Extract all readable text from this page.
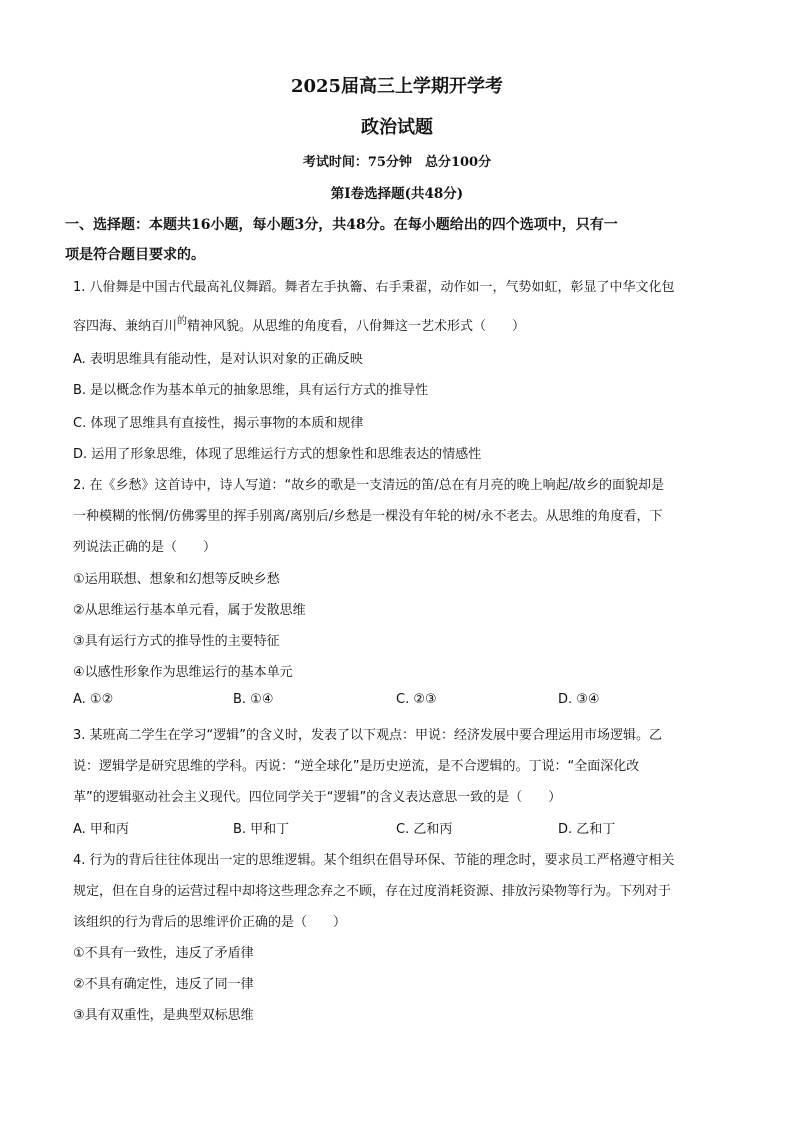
2025届高三上学期开学考
政治试题
考试时间：75分钟　总分100分
第Ⅰ卷选择题(共48分)
一、选择题：本题共16小题，每小题3分，共48分。在每小题给出的四个选项中，只有一
项是符合题目要求的。
1. 八佾舞是中国古代最高礼仪舞蹈。舞者左手执籥、右手秉翟，动作如一，气势如虹，彰显了中华文化包
容四海、兼纳百川$^的$精神风貌。从思维的角度看，八佾舞这一艺术形式（　　）
A. 表明思维具有能动性，是对认识对象的正确反映
B. 是以概念作为基本单元的抽象思维，具有运行方式的推导性
C. 体现了思维具有直接性，揭示事物的本质和规律
D. 运用了形象思维，体现了思维运行方式的想象性和思维表达的情感性
2. 在《乡愁》这首诗中，诗人写道：“故乡的歌是一支清远的笛/总在有月亮的晚上响起/故乡的面貌却是
一种模糊的怅惘/仿佛雾里的挥手别离/离别后/乡愁是一棵没有年轮的树/永不老去。从思维的角度看，下
列说法正确的是（　　）
①运用联想、想象和幻想等反映乡愁
②从思维运行基本单元看，属于发散思维
③具有运行方式的推导性的主要特征
④以感性形象作为思维运行的基本单元
A. ①②	B. ①④	C. ②③	D. ③④
3. 某班高二学生在学习“逻辑”的含义时，发表了以下观点：甲说：经济发展中要合理运用市场逻辑。乙
说：逻辑学是研究思维的学科。丙说：“逆全球化”是历史逆流，是不合逻辑的。丁说：“全面深化改
革”的逻辑驱动社会主义现代。四位同学关于“逻辑”的含义表达意思一致的是（　　）
A. 甲和丙	B. 甲和丁	C. 乙和丙	D. 乙和丁
4. 行为的背后往往体现出一定的思维逻辑。某个组织在倡导环保、节能的理念时，要求员工严格遵守相关
规定，但在自身的运营过程中却将这些理念弃之不顾，存在过度消耗资源、排放污染物等行为。下列对于
该组织的行为背后的思维评价正确的是（　　）
①不具有一致性，违反了矛盾律
②不具有确定性，违反了同一律
③具有双重性，是典型双标思维
